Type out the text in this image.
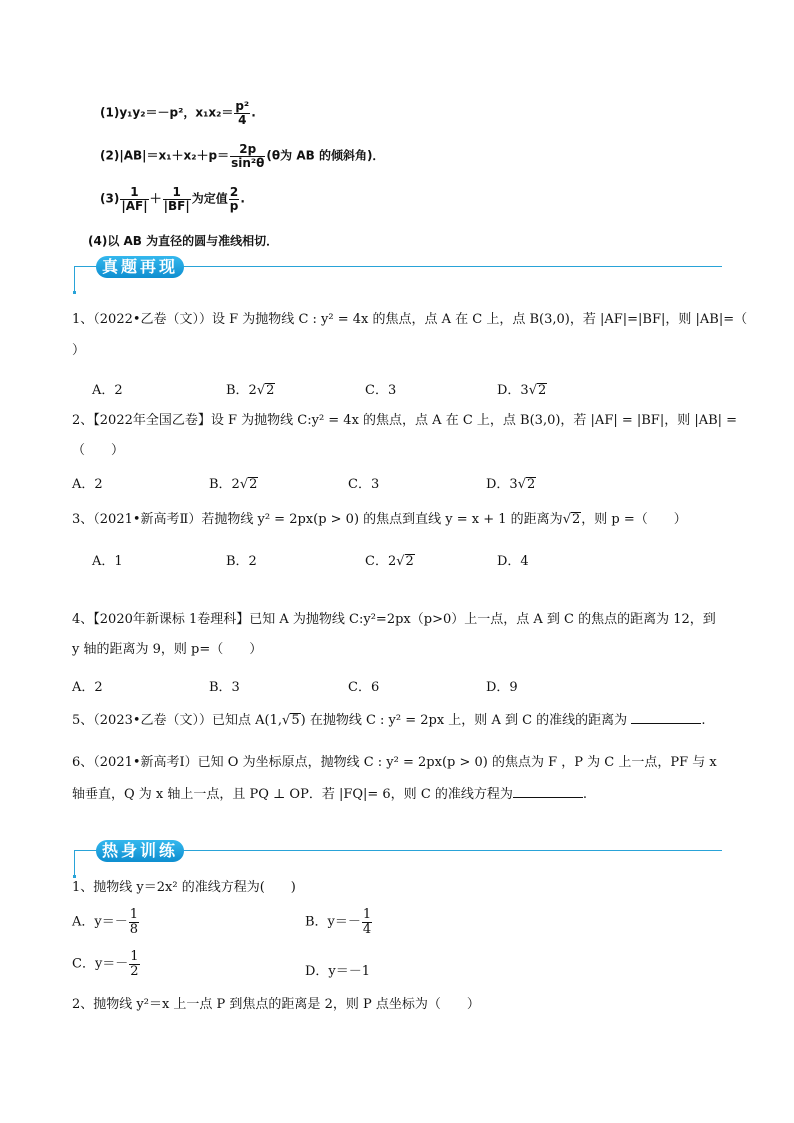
(1)y₁y₂＝－p²，$x_1x_2= \frac{\text{p²}}{4}$ .
$(2)|AB|=x_1+x_2+p= \frac{2p}{\text{sin²θ}} (\theta$为 AB 的倾斜角)．
$(3) \frac{1}{|AF|} + \frac{1}{|BF|}$ 为定值 $\frac{2}{p}$ .
(4)以 AB 为直径的圆与准线相切．
真题再现
1、（2022•乙卷（文））设 F 为抛物线 C : y² = 4x 的焦点，点 A 在 C 上，点 B(3,0)，若 |AF|=|BF|，则 |AB|=（
）
A．2	B．2√2	C．3	D．3√2
2、【2022年全国乙卷】设 F 为抛物线 C:y² = 4x 的焦点，点 A 在 C 上，点 B(3,0)，若 |AF| = |BF|，则 |AB| =
（　　）
A．2	B．2√2	C．3	D．3√2
3、（2021•新高考Ⅱ）若抛物线 y² = 2px(p > 0) 的焦点到直线 y = x + 1 的距离为√2，则 p =（　　）
A．1	B．2	C．2√2	D．4
4、【2020年新课标 1卷理科】已知 A 为抛物线 C:y²=2px（p>0）上一点，点 A 到 C 的焦点的距离为 12，到
y 轴的距离为 9，则 p=（　　）
A．2	B．3	C．6	D．9
5、（2023•乙卷（文））已知点 A(1,√5) 在抛物线 C : y² = 2px 上，则 A 到 C 的准线的距离为	.
6、（2021•新高考Ⅰ）已知 O 为坐标原点，抛物线 C : y² = 2px(p > 0) 的焦点为 F ，P 为 C 上一点，PF 与 x
轴垂直，Q 为 x 轴上一点，且 PQ ⊥ OP．若 |FQ|= 6，则 C 的准线方程为	.
热身训练
1、抛物线 y＝2x² 的准线方程为(　　)
A．$y=- \frac{1}{8}$	B．$y=- \frac{1}{4}$
C．$y=- \frac{1}{2}$	D．y＝－1
2、抛物线 y²＝x 上一点 P 到焦点的距离是 2，则 P 点坐标为（　　）
